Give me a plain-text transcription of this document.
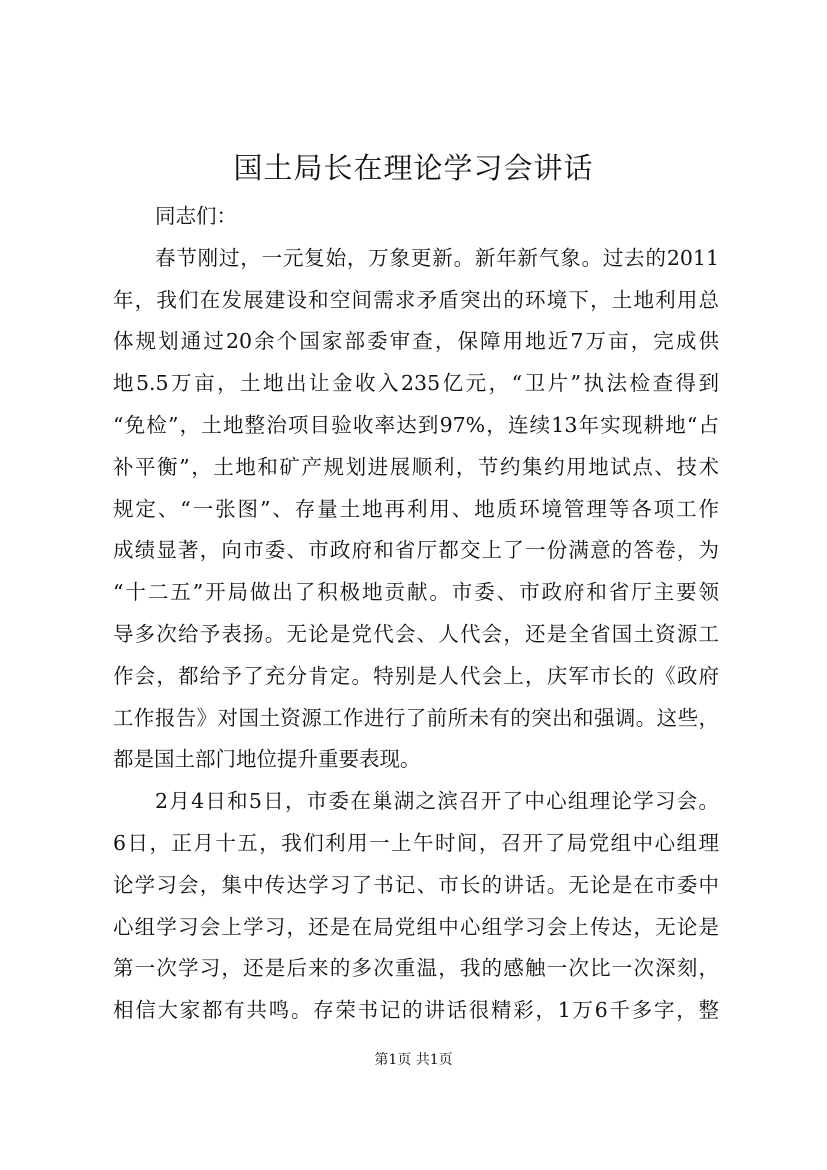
国土局长在理论学习会讲话
同志们：
春节刚过，一元复始，万象更新。新年新气象。过去的2011
年，我们在发展建设和空间需求矛盾突出的环境下，土地利用总
体规划通过20余个国家部委审查，保障用地近7万亩，完成供
地5.5万亩，土地出让金收入235亿元，“卫片”执法检查得到
“免检”，土地整治项目验收率达到97%，连续13年实现耕地“占
补平衡”，土地和矿产规划进展顺利，节约集约用地试点、技术
规定、“一张图”、存量土地再利用、地质环境管理等各项工作
成绩显著，向市委、市政府和省厅都交上了一份满意的答卷，为
“十二五”开局做出了积极地贡献。市委、市政府和省厅主要领
导多次给予表扬。无论是党代会、人代会，还是全省国土资源工
作会，都给予了充分肯定。特别是人代会上，庆军市长的《政府
工作报告》对国土资源工作进行了前所未有的突出和强调。这些，
都是国土部门地位提升重要表现。
2月4日和5日，市委在巢湖之滨召开了中心组理论学习会。
6日，正月十五，我们利用一上午时间，召开了局党组中心组理
论学习会，集中传达学习了书记、市长的讲话。无论是在市委中
心组学习会上学习，还是在局党组中心组学习会上传达，无论是
第一次学习，还是后来的多次重温，我的感触一次比一次深刻，
相信大家都有共鸣。存荣书记的讲话很精彩，1万6千多字，整
第1页 共1页
